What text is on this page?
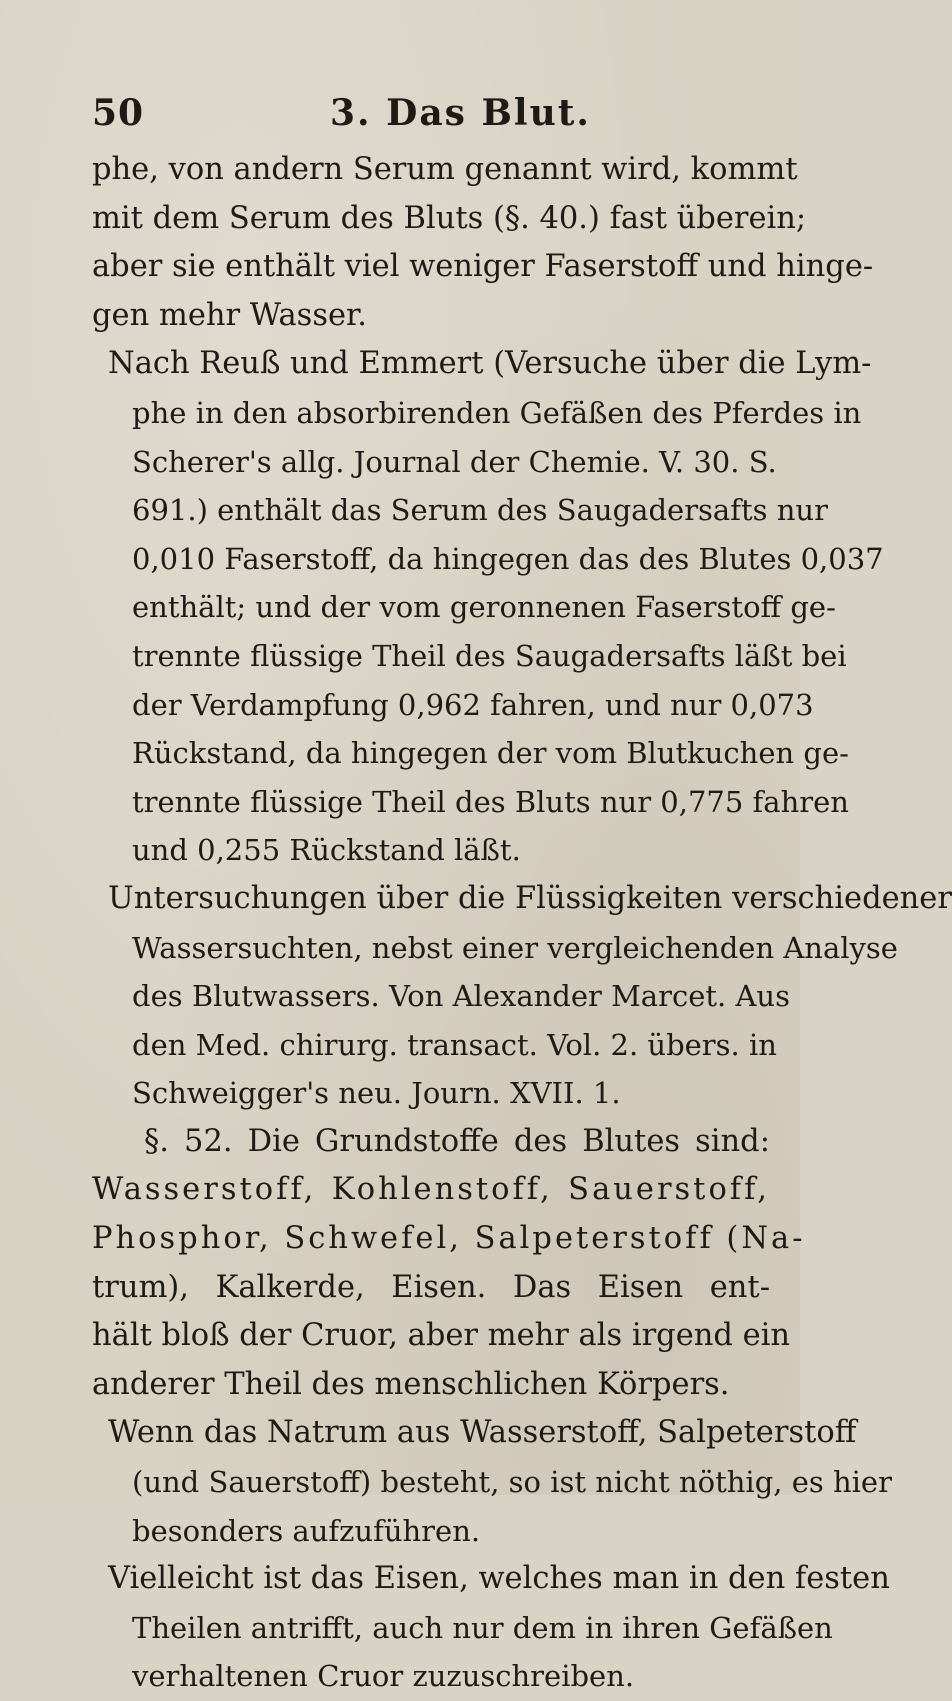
50	3. Das Blut.
phe, von andern Serum genannt wird, kommt
mit dem Serum des Bluts (§. 40.) fast überein;
aber sie enthält viel weniger Faserstoff und hinge-
gen mehr Wasser.
Nach Reuß und Emmert (Versuche über die Lym-
phe in den absorbirenden Gefäßen des Pferdes in
Scherer's allg. Journal der Chemie. V. 30. S.
691.) enthält das Serum des Saugadersafts nur
0,010 Faserstoff, da hingegen das des Blutes 0,037
enthält; und der vom geronnenen Faserstoff ge-
trennte flüssige Theil des Saugadersafts läßt bei
der Verdampfung 0,962 fahren, und nur 0,073
Rückstand, da hingegen der vom Blutkuchen ge-
trennte flüssige Theil des Bluts nur 0,775 fahren
und 0,255 Rückstand läßt.
Untersuchungen über die Flüssigkeiten verschiedener
Wassersuchten, nebst einer vergleichenden Analyse
des Blutwassers. Von Alexander Marcet. Aus
den Med. chirurg. transact. Vol. 2. übers. in
Schweigger's neu. Journ. XVII. 1.
§. 52. Die Grundstoffe des Blutes sind:
Wasserstoff, Kohlenstoff, Sauerstoff,
Phosphor, Schwefel, Salpeterstoff (Na-
trum), Kalkerde, Eisen. Das Eisen ent-
hält bloß der Cruor, aber mehr als irgend ein
anderer Theil des menschlichen Körpers.
Wenn das Natrum aus Wasserstoff, Salpeterstoff
(und Sauerstoff) besteht, so ist nicht nöthig, es hier
besonders aufzuführen.
Vielleicht ist das Eisen, welches man in den festen
Theilen antrifft, auch nur dem in ihren Gefäßen
verhaltenen Cruor zuzuschreiben.
